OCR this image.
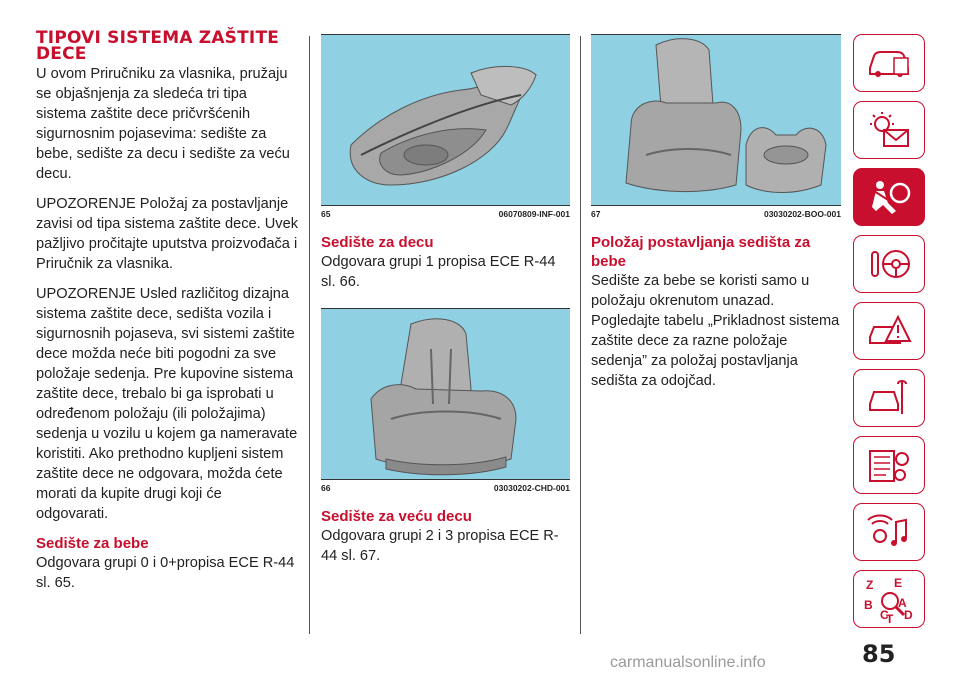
TIPOVI SISTEMA ZAŠTITE DECE

U ovom Priručniku za vlasnika, pružaju se objašnjenja za sledeća tri tipa sistema zaštite dece pričvršćenih sigurnosnim pojasevima: sedište za bebe, sedište za decu i sedište za veću decu.

UPOZORENJE Položaj za postavljanje zavisi od tipa sistema zaštite dece. Uvek pažljivo pročitajte uputstva proizvođača i Priručnik za vlasnika.

UPOZORENJE Usled različitog dizajna sistema zaštite dece, sedišta vozila i sigurnosnih pojaseva, svi sistemi zaštite dece možda neće biti pogodni za sve položaje sedenja. Pre kupovine sistema zaštite dece, trebalo bi ga isprobati u određenom položaju (ili položajima) sedenja u vozilu u kojem ga nameravate koristiti. Ako prethodno kupljeni sistem zaštite dece ne odgovara, možda ćete morati da kupite drugi koji će odgovarati.

Sedište za bebe

Odgovara grupi 0 i 0+propisa ECE R-44 sl. 65.

65	06070809-INF-001
Sedište za decu

Odgovara grupi 1 propisa ECE R-44 sl. 66.

66	03030202-CHD-001
Sedište za veću decu

Odgovara grupi 2 i 3 propisa ECE R-44 sl. 67.

67	03030202-BOO-001
Položaj postavljanja sedišta za bebe

Sedište za bebe se koristi samo u položaju okrenutom unazad. Pogledajte tabelu „Prikladnost sistema zaštite dece za razne položaje sedenja” za položaj postavljanja sedišta za odojčad.

Z E
B A
C D
T
85
carmanualsonline.info
